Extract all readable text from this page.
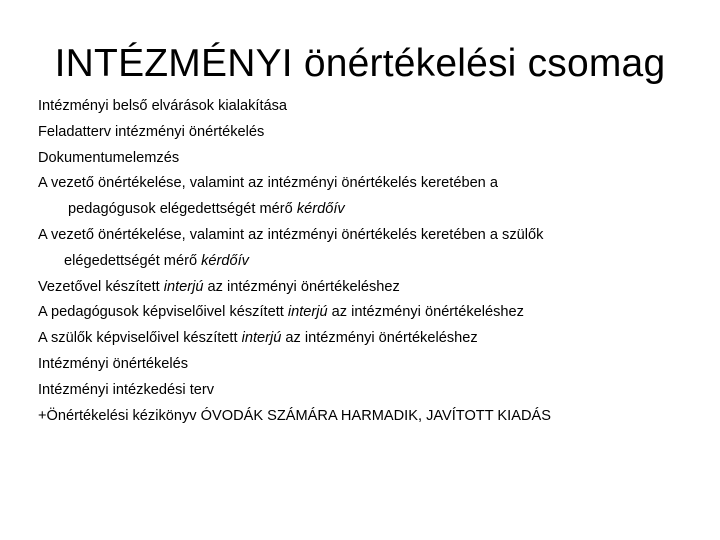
INTÉZMÉNYI önértékelési csomag
Intézményi belső elvárások kialakítása
Feladatterv intézményi önértékelés
Dokumentumelemzés
A vezető önértékelése, valamint az intézményi önértékelés keretében a
pedagógusok elégedettségét mérő kérdőív
A vezető önértékelése, valamint az intézményi önértékelés keretében a szülők
elégedettségét mérő kérdőív
Vezetővel készített interjú az intézményi önértékeléshez
A pedagógusok képviselőivel készített interjú az intézményi önértékeléshez
A szülők képviselőivel készített interjú az intézményi önértékeléshez
Intézményi önértékelés
Intézményi intézkedési terv
+Önértékelési kézikönyv ÓVODÁK SZÁMÁRA HARMADIK, JAVÍTOTT KIADÁS
